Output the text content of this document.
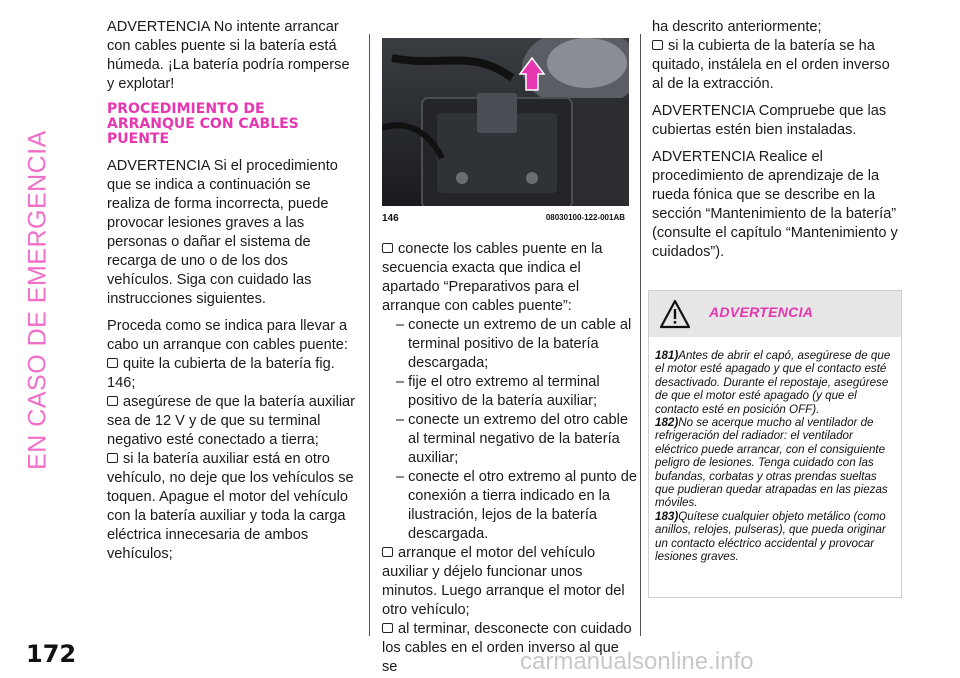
EN CASO DE EMERGENCIA
172	carmanualsonline.info

ADVERTENCIA No intente arrancar con cables puente si la batería está húmeda. ¡La batería podría romperse y explotar!

PROCEDIMIENTO DE ARRANQUE CON CABLES PUENTE

ADVERTENCIA Si el procedimiento que se indica a continuación se realiza de forma incorrecta, puede provocar lesiones graves a las personas o dañar el sistema de recarga de uno o de los dos vehículos. Siga con cuidado las instrucciones siguientes.

Proceda como se indica para llevar a cabo un arranque con cables puente:

quite la cubierta de la batería fig. 146;
asegúrese de que la batería auxiliar sea de 12 V y de que su terminal negativo esté conectado a tierra;
si la batería auxiliar está en otro vehículo, no deje que los vehículos se toquen. Apague el motor del vehículo con la batería auxiliar y toda la carga eléctrica innecesaria de ambos vehículos;
146	08030100-122-001AB
conecte los cables puente en la secuencia exacta que indica el apartado “Preparativos para el arranque con cables puente”:
– conecte un extremo de un cable al terminal positivo de la batería descargada;
– fije el otro extremo al terminal positivo de la batería auxiliar;
– conecte un extremo del otro cable al terminal negativo de la batería auxiliar;
– conecte el otro extremo al punto de conexión a tierra indicado en la ilustración, lejos de la batería descargada.
arranque el motor del vehículo auxiliar y déjelo funcionar unos minutos. Luego arranque el motor del otro vehículo;
al terminar, desconecte con cuidado los cables en el orden inverso al que se
ha descrito anteriormente;
si la cubierta de la batería se ha quitado, instálela en el orden inverso al de la extracción.

ADVERTENCIA Compruebe que las cubiertas estén bien instaladas.

ADVERTENCIA Realice el procedimiento de aprendizaje de la rueda fónica que se describe en la sección “Mantenimiento de la batería” (consulte el capítulo “Mantenimiento y cuidados”).

ADVERTENCIA

181)Antes de abrir el capó, asegúrese de que el motor esté apagado y que el contacto esté desactivado. Durante el repostaje, asegúrese de que el motor esté apagado (y que el contacto esté en posición OFF).

182)No se acerque mucho al ventilador de refrigeración del radiador: el ventilador eléctrico puede arrancar, con el consiguiente peligro de lesiones. Tenga cuidado con las bufandas, corbatas y otras prendas sueltas que pudieran quedar atrapadas en las piezas móviles.

183)Quítese cualquier objeto metálico (como anillos, relojes, pulseras), que pueda originar un contacto eléctrico accidental y provocar lesiones graves.
